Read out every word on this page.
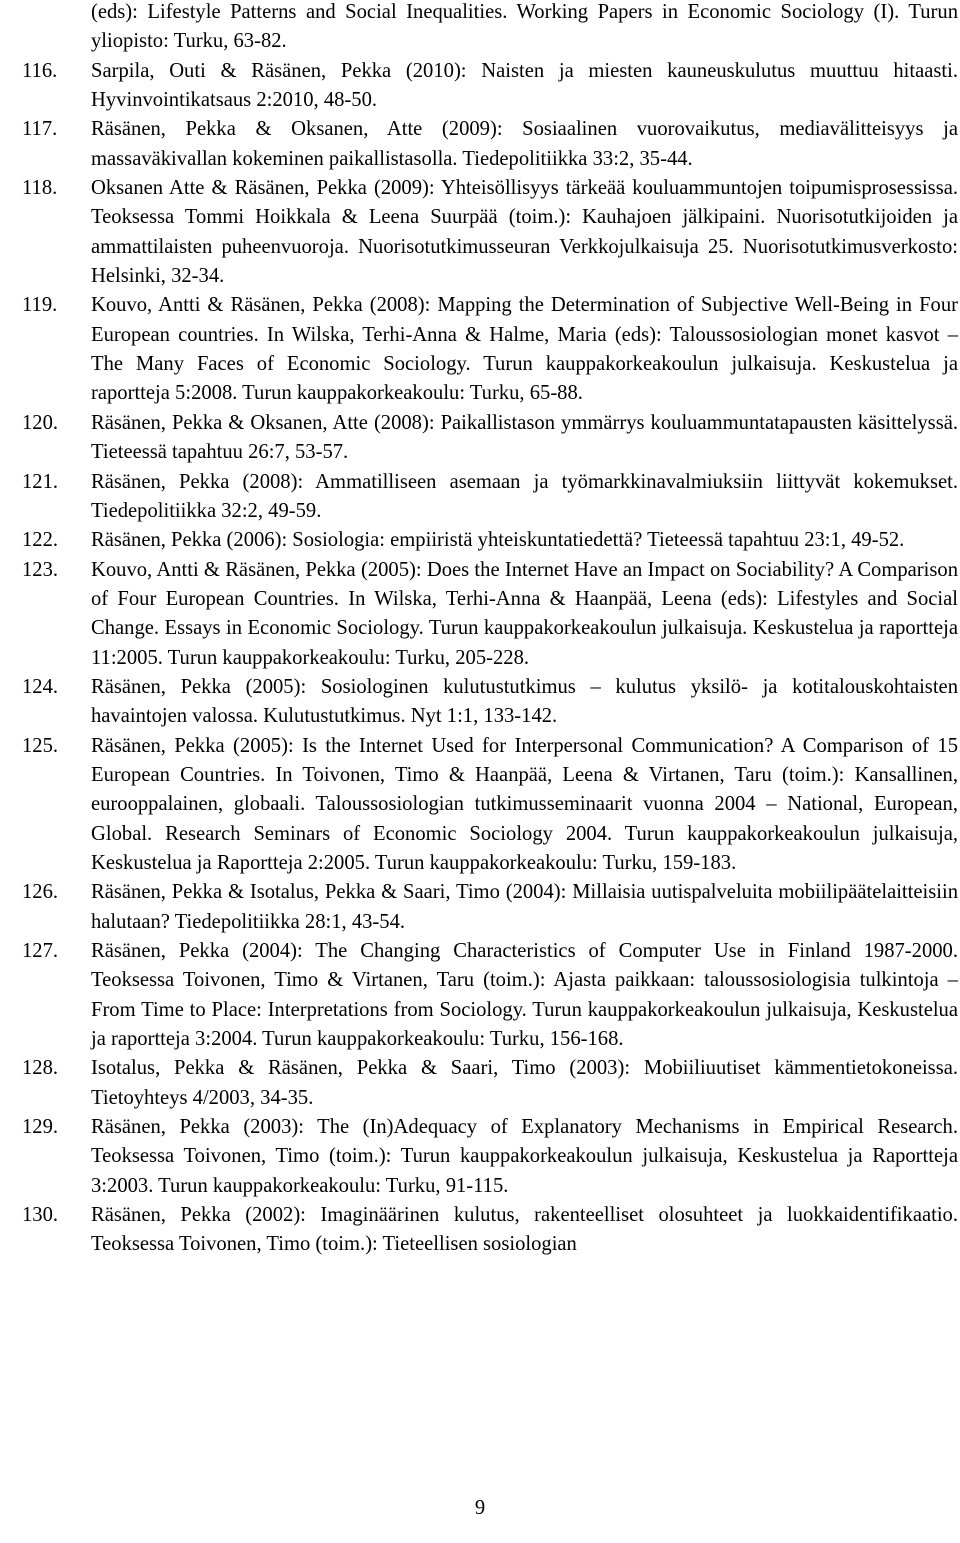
(eds): Lifestyle Patterns and Social Inequalities. Working Papers in Economic Sociology (I). Turun yliopisto: Turku, 63-82.
116.	Sarpila, Outi & Räsänen, Pekka (2010): Naisten ja miesten kauneuskulutus muuttuu hitaasti. Hyvinvointikatsaus 2:2010, 48-50.
117.	Räsänen, Pekka & Oksanen, Atte (2009): Sosiaalinen vuorovaikutus, mediavälitteisyys ja massaväkivallan kokeminen paikallistasolla. Tiedepolitiikka 33:2, 35-44.
118.	Oksanen Atte & Räsänen, Pekka (2009): Yhteisöllisyys tärkeää kouluammuntojen toipumisprosessissa. Teoksessa Tommi Hoikkala & Leena Suurpää (toim.): Kauhajoen jälkipaini. Nuorisotutkijoiden ja ammattilaisten puheenvuoroja. Nuorisotutkimusseuran Verkkojulkaisuja 25. Nuorisotutkimusverkosto: Helsinki, 32-34.
119.	Kouvo, Antti & Räsänen, Pekka (2008): Mapping the Determination of Subjective Well-Being in Four European countries. In Wilska, Terhi-Anna & Halme, Maria (eds): Taloussosiologian monet kasvot – The Many Faces of Economic Sociology. Turun kauppakorkeakoulun julkaisuja. Keskustelua ja raportteja 5:2008. Turun kauppakorkeakoulu: Turku, 65-88.
120.	Räsänen, Pekka & Oksanen, Atte (2008): Paikallistason ymmärrys kouluammuntatapausten käsittelyssä. Tieteessä tapahtuu 26:7, 53-57.
121.	Räsänen, Pekka (2008): Ammatilliseen asemaan ja työmarkkinavalmiuksiin liittyvät kokemukset. Tiedepolitiikka 32:2, 49-59.
122.	Räsänen, Pekka (2006): Sosiologia: empiiristä yhteiskuntatiedettä? Tieteessä tapahtuu 23:1, 49-52.
123.	Kouvo, Antti & Räsänen, Pekka (2005): Does the Internet Have an Impact on Sociability? A Comparison of Four European Countries. In Wilska, Terhi-Anna & Haanpää, Leena (eds): Lifestyles and Social Change. Essays in Economic Sociology. Turun kauppakorkeakoulun julkaisuja. Keskustelua ja raportteja 11:2005. Turun kauppakorkeakoulu: Turku, 205-228.
124.	Räsänen, Pekka (2005): Sosiologinen kulutustutkimus – kulutus yksilö- ja kotitalouskohtaisten havaintojen valossa. Kulutustutkimus. Nyt 1:1, 133-142.
125.	Räsänen, Pekka (2005): Is the Internet Used for Interpersonal Communication? A Comparison of 15 European Countries. In Toivonen, Timo & Haanpää, Leena & Virtanen, Taru (toim.): Kansallinen, eurooppalainen, globaali. Taloussosiologian tutkimusseminaarit vuonna 2004 – National, European, Global. Research Seminars of Economic Sociology 2004. Turun kauppakorkeakoulun julkaisuja, Keskustelua ja Raportteja 2:2005. Turun kauppakorkeakoulu: Turku, 159-183.
126.	Räsänen, Pekka & Isotalus, Pekka & Saari, Timo (2004): Millaisia uutispalveluita mobiilipäätelaitteisiin halutaan? Tiedepolitiikka 28:1, 43-54.
127.	Räsänen, Pekka (2004): The Changing Characteristics of Computer Use in Finland 1987-2000. Teoksessa Toivonen, Timo & Virtanen, Taru (toim.): Ajasta paikkaan: taloussosiologisia tulkintoja – From Time to Place: Interpretations from Sociology. Turun kauppakorkeakoulun julkaisuja, Keskustelua ja raportteja 3:2004. Turun kauppakorkeakoulu: Turku, 156-168.
128.	Isotalus, Pekka & Räsänen, Pekka & Saari, Timo (2003): Mobiiliuutiset kämmentietokoneissa. Tietoyhteys 4/2003, 34-35.
129.	Räsänen, Pekka (2003): The (In)Adequacy of Explanatory Mechanisms in Empirical Research. Teoksessa Toivonen, Timo (toim.): Turun kauppakorkeakoulun julkaisuja, Keskustelua ja Raportteja 3:2003. Turun kauppakorkeakoulu: Turku, 91-115.
130.	Räsänen, Pekka (2002): Imaginäärinen kulutus, rakenteelliset olosuhteet ja luokkaidentifikaatio. Teoksessa Toivonen, Timo (toim.): Tieteellisen sosiologian
9
